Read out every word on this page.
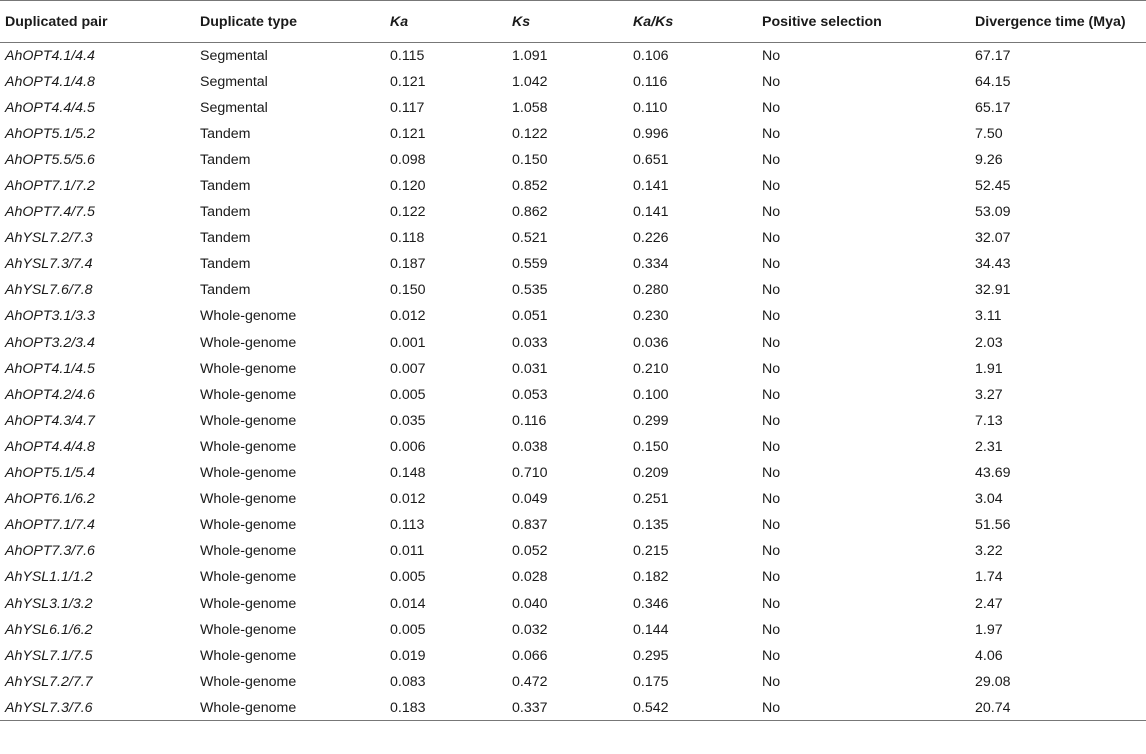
Duplicated pair	Duplicate type	Ka	Ks	Ka/Ks	Positive selection	Divergence time (Mya)
AhOPT4.1/4.4	Segmental	0.115	1.091	0.106	No	67.17
AhOPT4.1/4.8	Segmental	0.121	1.042	0.116	No	64.15
AhOPT4.4/4.5	Segmental	0.117	1.058	0.110	No	65.17
AhOPT5.1/5.2	Tandem	0.121	0.122	0.996	No	7.50
AhOPT5.5/5.6	Tandem	0.098	0.150	0.651	No	9.26
AhOPT7.1/7.2	Tandem	0.120	0.852	0.141	No	52.45
AhOPT7.4/7.5	Tandem	0.122	0.862	0.141	No	53.09
AhYSL7.2/7.3	Tandem	0.118	0.521	0.226	No	32.07
AhYSL7.3/7.4	Tandem	0.187	0.559	0.334	No	34.43
AhYSL7.6/7.8	Tandem	0.150	0.535	0.280	No	32.91
AhOPT3.1/3.3	Whole-genome	0.012	0.051	0.230	No	3.11
AhOPT3.2/3.4	Whole-genome	0.001	0.033	0.036	No	2.03
AhOPT4.1/4.5	Whole-genome	0.007	0.031	0.210	No	1.91
AhOPT4.2/4.6	Whole-genome	0.005	0.053	0.100	No	3.27
AhOPT4.3/4.7	Whole-genome	0.035	0.116	0.299	No	7.13
AhOPT4.4/4.8	Whole-genome	0.006	0.038	0.150	No	2.31
AhOPT5.1/5.4	Whole-genome	0.148	0.710	0.209	No	43.69
AhOPT6.1/6.2	Whole-genome	0.012	0.049	0.251	No	3.04
AhOPT7.1/7.4	Whole-genome	0.113	0.837	0.135	No	51.56
AhOPT7.3/7.6	Whole-genome	0.011	0.052	0.215	No	3.22
AhYSL1.1/1.2	Whole-genome	0.005	0.028	0.182	No	1.74
AhYSL3.1/3.2	Whole-genome	0.014	0.040	0.346	No	2.47
AhYSL6.1/6.2	Whole-genome	0.005	0.032	0.144	No	1.97
AhYSL7.1/7.5	Whole-genome	0.019	0.066	0.295	No	4.06
AhYSL7.2/7.7	Whole-genome	0.083	0.472	0.175	No	29.08
AhYSL7.3/7.6	Whole-genome	0.183	0.337	0.542	No	20.74
